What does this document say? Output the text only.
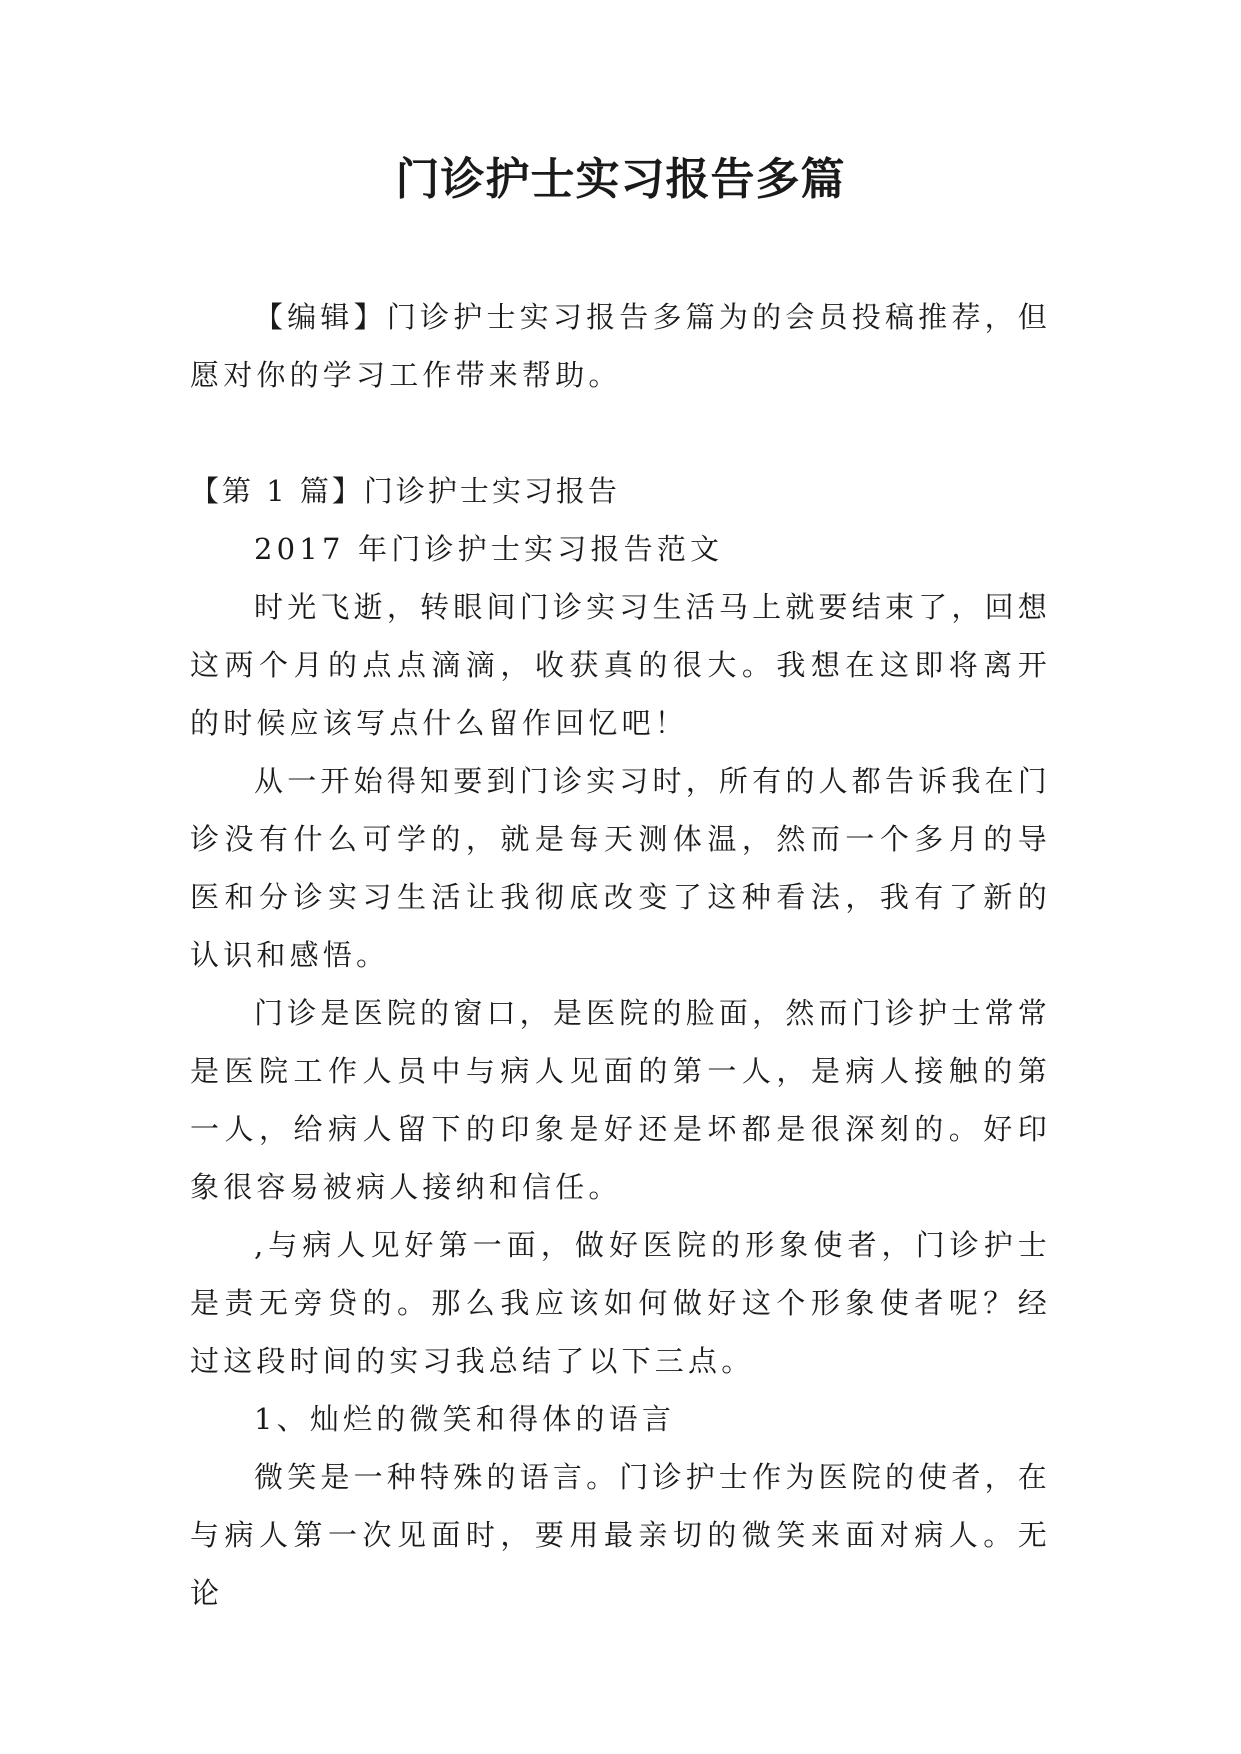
门诊护士实习报告多篇

【编辑】门诊护士实习报告多篇为的会员投稿推荐，但愿对你的学习工作带来帮助。

【第 1 篇】门诊护士实习报告

2017 年门诊护士实习报告范文

时光飞逝，转眼间门诊实习生活马上就要结束了，回想这两个月的点点滴滴，收获真的很大。我想在这即将离开的时候应该写点什么留作回忆吧！

从一开始得知要到门诊实习时，所有的人都告诉我在门诊没有什么可学的，就是每天测体温，然而一个多月的导医和分诊实习生活让我彻底改变了这种看法，我有了新的认识和感悟。

门诊是医院的窗口，是医院的脸面，然而门诊护士常常是医院工作人员中与病人见面的第一人，是病人接触的第一人，给病人留下的印象是好还是坏都是很深刻的。好印象很容易被病人接纳和信任。

,与病人见好第一面，做好医院的形象使者，门诊护士是责无旁贷的。那么我应该如何做好这个形象使者呢？经过这段时间的实习我总结了以下三点。

1、灿烂的微笑和得体的语言

微笑是一种特殊的语言。门诊护士作为医院的使者，在与病人第一次见面时，要用最亲切的微笑来面对病人。无论
